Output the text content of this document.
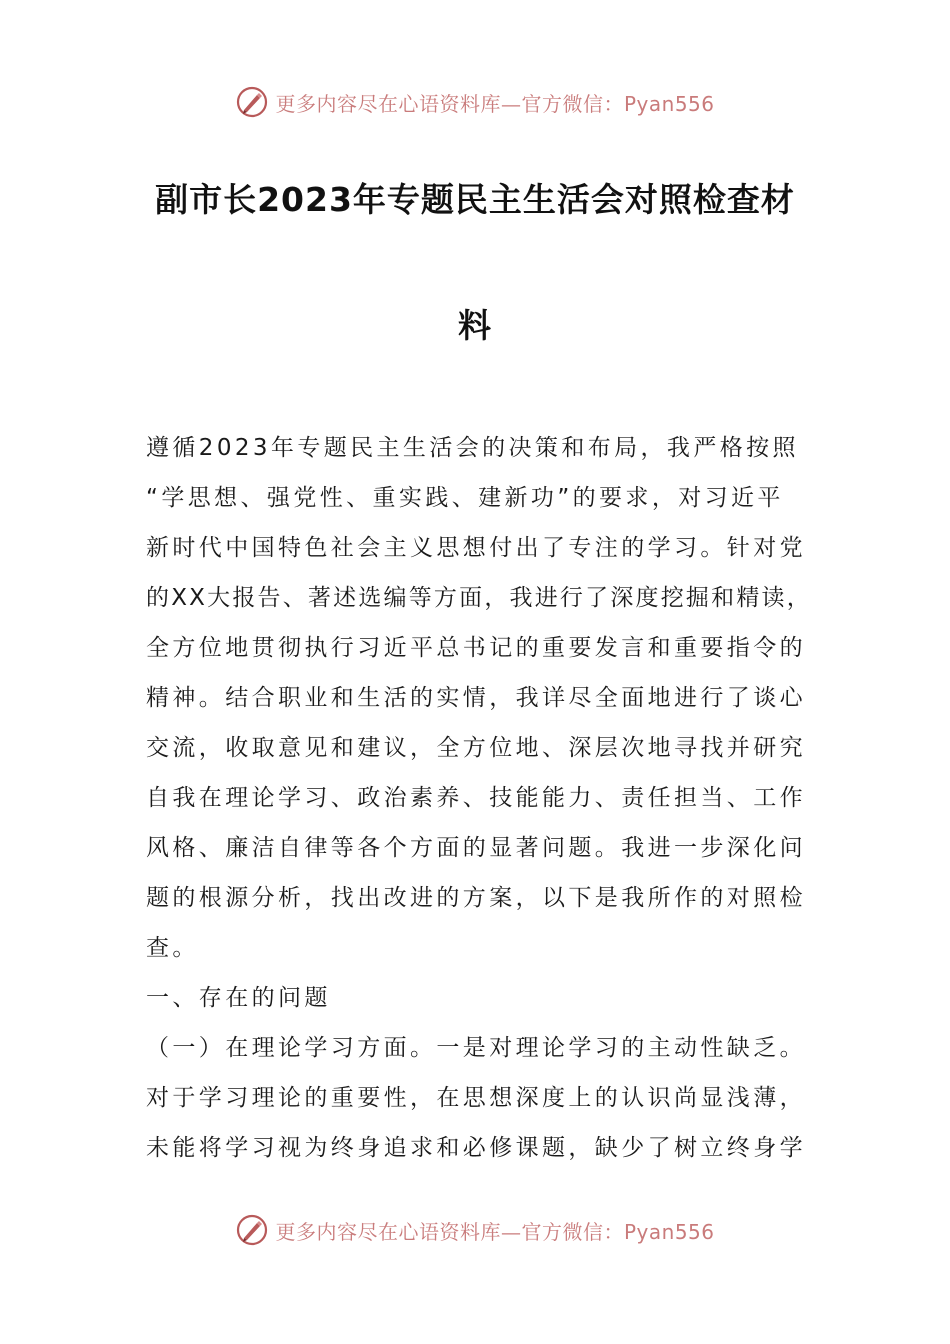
更多内容尽在心语资料库—官方微信：Pyan556
副市长2023年专题民主生活会对照检查材
料
遵循2023年专题民主生活会的决策和布局，我严格按照
“学思想、强党性、重实践、建新功”的要求，对习近平
新时代中国特色社会主义思想付出了专注的学习。针对党
的XX大报告、著述选编等方面，我进行了深度挖掘和精读，
全方位地贯彻执行习近平总书记的重要发言和重要指令的
精神。结合职业和生活的实情，我详尽全面地进行了谈心
交流，收取意见和建议，全方位地、深层次地寻找并研究
自我在理论学习、政治素养、技能能力、责任担当、工作
风格、廉洁自律等各个方面的显著问题。我进一步深化问
题的根源分析，找出改进的方案，以下是我所作的对照检
查。
一、存在的问题
（一）在理论学习方面。一是对理论学习的主动性缺乏。
对于学习理论的重要性，在思想深度上的认识尚显浅薄，
未能将学习视为终身追求和必修课题，缺少了树立终身学
更多内容尽在心语资料库—官方微信：Pyan556
